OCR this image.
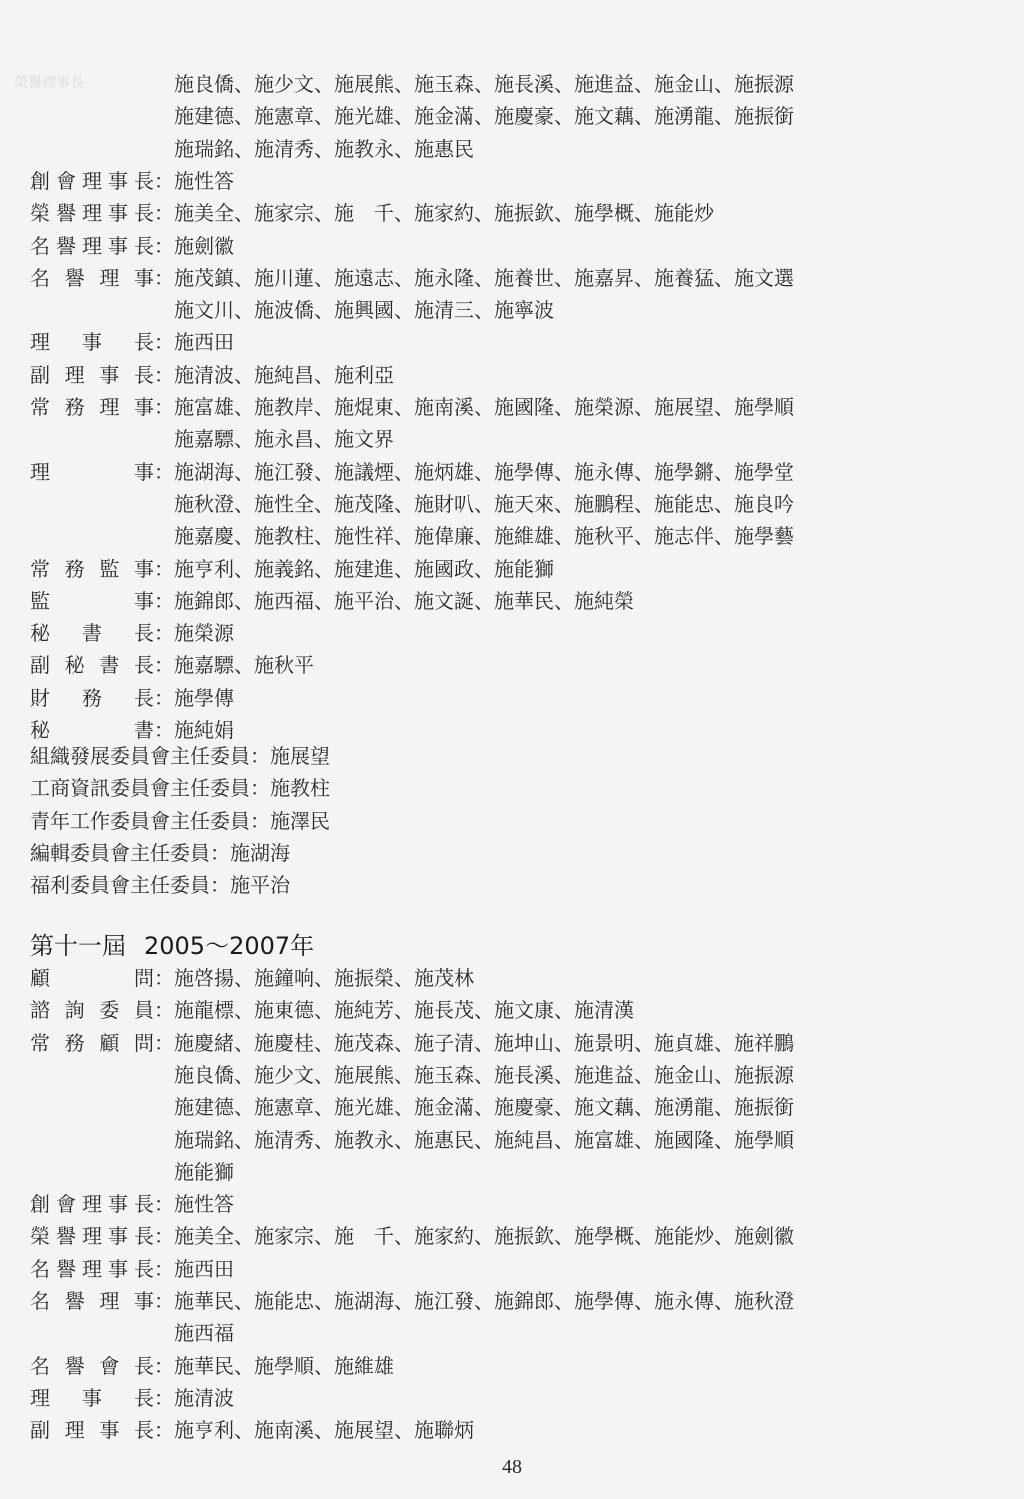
榮譽理事長	施良僑、施少文、施展熊、施玉森、施長溪、施進益、施金山、施振源
施建德、施憲章、施光雄、施金滿、施慶豪、施文藕、施湧龍、施振銜
施瑞銘、施清秀、施教永、施惠民
創會理事長 ： 施性答
榮譽理事長 ： 施美全、施家宗、施　千、施家約、施振欽、施學概、施能炒
名譽理事長 ： 施劍徽
名譽理事 ： 施茂鎮、施川蓮、施遠志、施永隆、施養世、施嘉昇、施養猛、施文選
施文川、施波僑、施興國、施清三、施寧波
理事長 ： 施西田
副理事長 ： 施清波、施純昌、施利亞
常務理事 ： 施富雄、施教岸、施焜東、施南溪、施國隆、施榮源、施展望、施學順
施嘉驃、施永昌、施文界
理事 ： 施湖海、施江發、施議煙、施炳雄、施學傳、施永傳、施學鏘、施學堂
施秋澄、施性全、施茂隆、施財叭、施天來、施鵬程、施能忠、施良吟
施嘉慶、施教柱、施性祥、施偉廉、施維雄、施秋平、施志伴、施學藝
常務監事 ： 施亨利、施義銘、施建進、施國政、施能獅
監事 ： 施錦郎、施西福、施平治、施文誕、施華民、施純榮
秘書長 ： 施榮源
副秘書長 ： 施嘉驃、施秋平
財務長 ： 施學傳
秘書 ： 施純娟
組織發展委員會主任委員：施展望
工商資訊委員會主任委員：施教柱
青年工作委員會主任委員：施澤民
編輯委員會主任委員：施湖海
福利委員會主任委員：施平治
第十一屆 2005〜2007年
顧問 ： 施啓揚、施鐘响、施振榮、施茂林
諮詢委員 ： 施龍標、施東德、施純芳、施長茂、施文康、施清漢
常務顧問 ： 施慶緒、施慶桂、施茂森、施子清、施坤山、施景明、施貞雄、施祥鵬
施良僑、施少文、施展熊、施玉森、施長溪、施進益、施金山、施振源
施建德、施憲章、施光雄、施金滿、施慶豪、施文藕、施湧龍、施振銜
施瑞銘、施清秀、施教永、施惠民、施純昌、施富雄、施國隆、施學順
施能獅
創會理事長 ： 施性答
榮譽理事長 ： 施美全、施家宗、施　千、施家約、施振欽、施學概、施能炒、施劍徽
名譽理事長 ： 施西田
名譽理事 ： 施華民、施能忠、施湖海、施江發、施錦郎、施學傳、施永傳、施秋澄
施西福
名譽會長 ： 施華民、施學順、施維雄
理事長 ： 施清波
副理事長 ： 施亨利、施南溪、施展望、施聯炳
48
